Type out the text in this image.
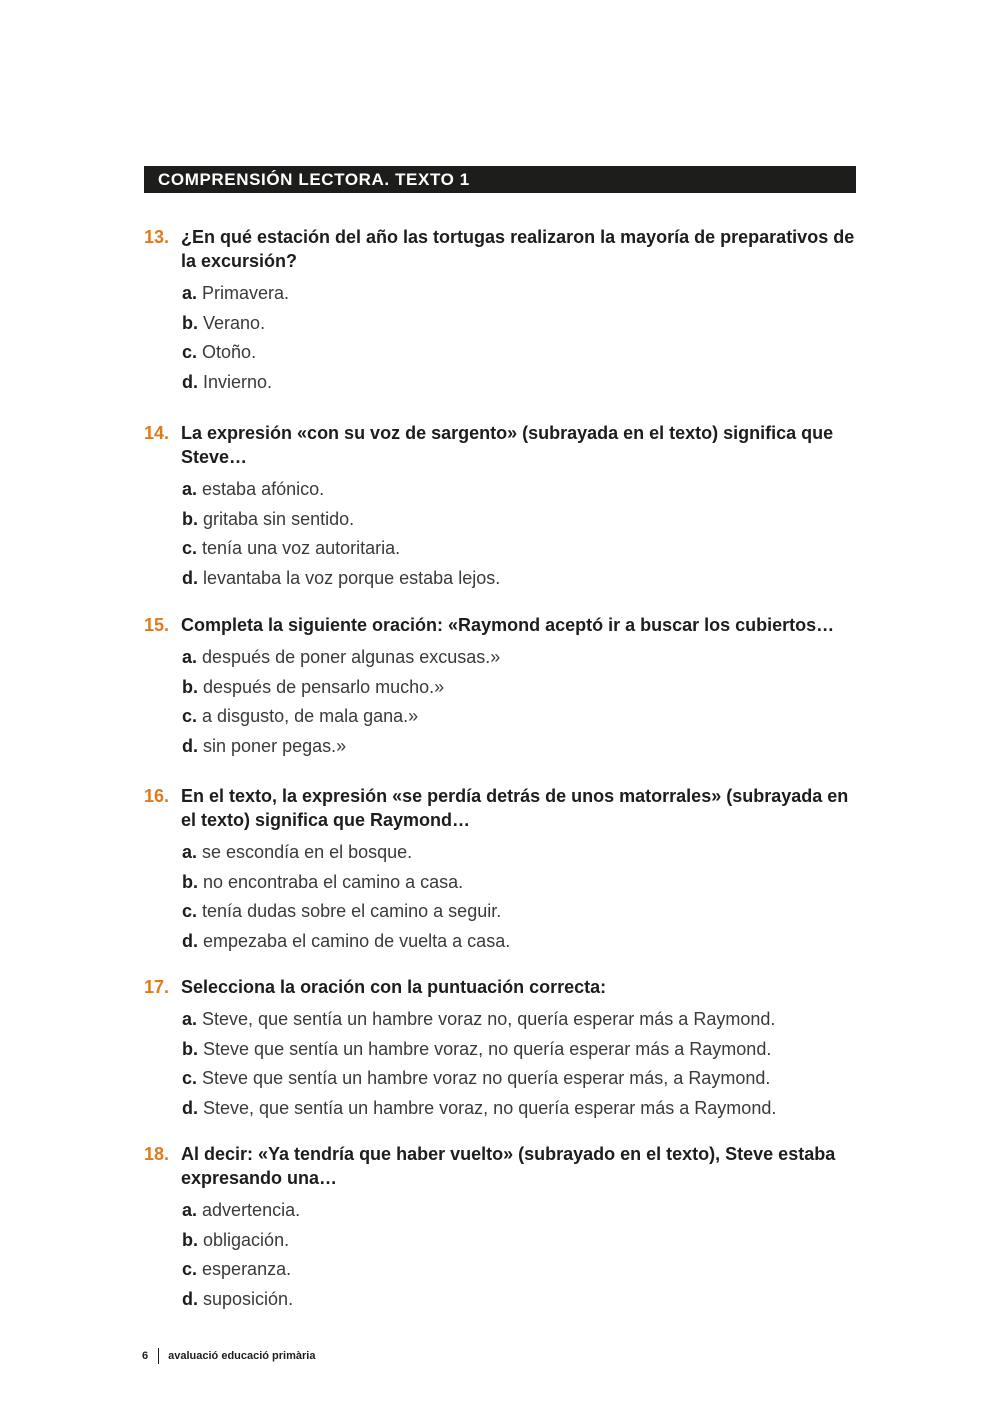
COMPRENSIÓN LECTORA. TEXTO 1
13. ¿En qué estación del año las tortugas realizaron la mayoría de preparativos de la excursión?
a. Primavera.
b. Verano.
c. Otoño.
d. Invierno.
14. La expresión «con su voz de sargento» (subrayada en el texto) significa que Steve…
a. estaba afónico.
b. gritaba sin sentido.
c. tenía una voz autoritaria.
d. levantaba la voz porque estaba lejos.
15. Completa la siguiente oración: «Raymond aceptó ir a buscar los cubiertos…
a. después de poner algunas excusas.»
b. después de pensarlo mucho.»
c. a disgusto, de mala gana.»
d. sin poner pegas.»
16. En el texto, la expresión «se perdía detrás de unos matorrales» (subrayada en el texto) significa que Raymond…
a. se escondía en el bosque.
b. no encontraba el camino a casa.
c. tenía dudas sobre el camino a seguir.
d. empezaba el camino de vuelta a casa.
17. Selecciona la oración con la puntuación correcta:
a. Steve, que sentía un hambre voraz no, quería esperar más a Raymond.
b. Steve que sentía un hambre voraz, no quería esperar más a Raymond.
c. Steve que sentía un hambre voraz no quería esperar más, a Raymond.
d. Steve, que sentía un hambre voraz, no quería esperar más a Raymond.
18. Al decir: «Ya tendría que haber vuelto» (subrayado en el texto), Steve estaba expresando una…
a. advertencia.
b. obligación.
c. esperanza.
d. suposición.
6 avaluació educació primària
